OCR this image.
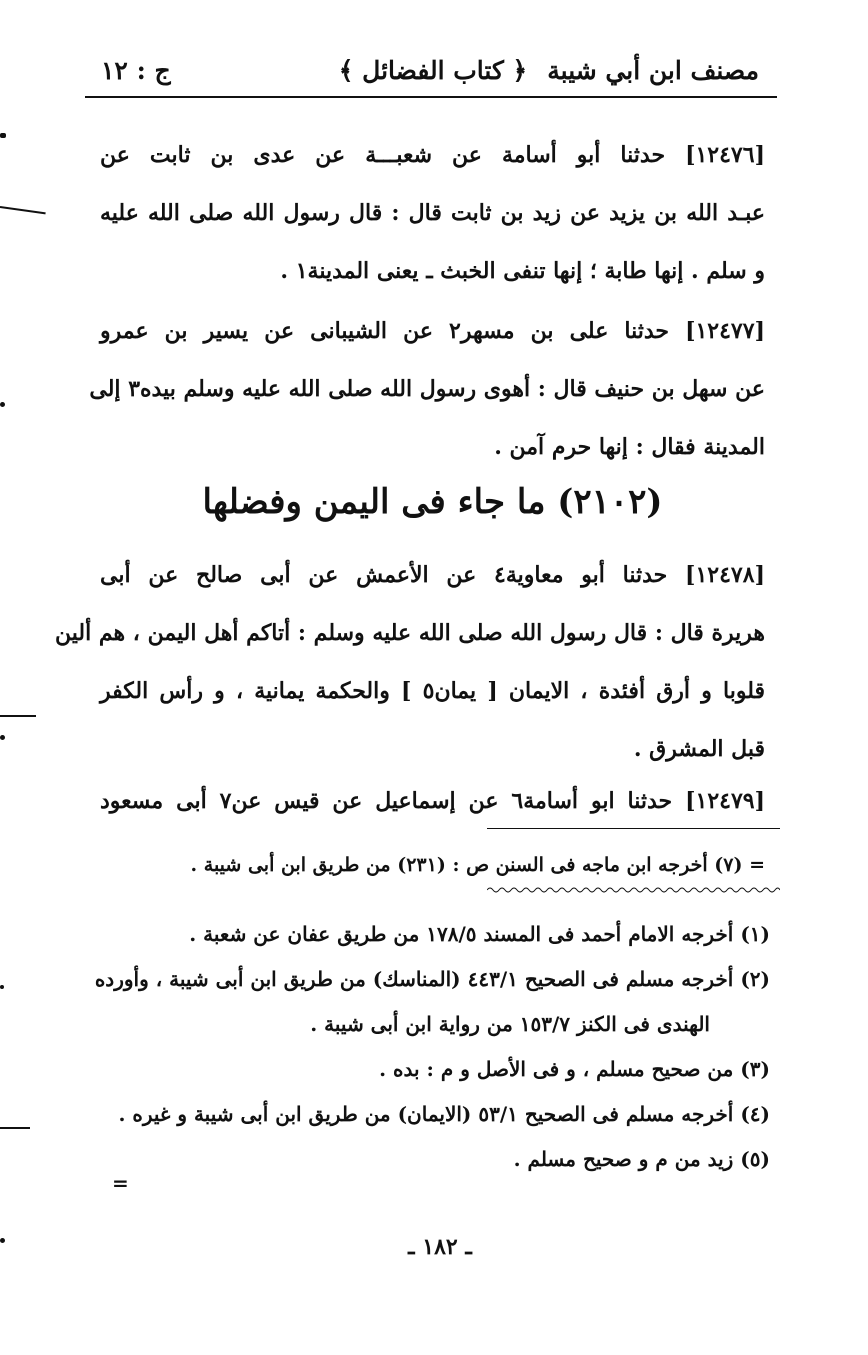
مصنف ابن أبي شيبة
﴿ كتاب الفضائل ﴾
ج : ١٢
[١٢٤٧٦] حدثنا أبو أسامة عن شعبـــة عن عدى بن ثابت عن
عبـد الله بن يزيد عن زيد بن ثابت قال : قال رسول الله صلى الله عليه
و سلم . إنها طابة ؛ إنها تنفى الخبث ـ يعنى المدينة١ .
[١٢٤٧٧] حدثنا على بن مسهر٢ عن الشيبانى عن يسير بن عمرو
عن سهل بن حنيف قال : أهوى رسول الله صلى الله عليه وسلم بيده٣ إلى
المدينة فقال : إنها حرم آمن .
(٢١٠٢) ما جاء فى اليمن وفضلها
[١٢٤٧٨] حدثنا أبو معاوية٤ عن الأعمش عن أبى صالح عن أبى
هريرة قال : قال رسول الله صلى الله عليه وسلم : أتاكم أهل اليمن ، هم ألين
قلوبا و أرق أفئدة ، الايمان [ يمان٥ ] والحكمة يمانية ، و رأس الكفر
قبل المشرق .
[١٢٤٧٩] حدثنا ابو أسامة٦ عن إسماعيل عن قيس عن٧ أبى مسعود
= (٧) أخرجه ابن ماجه فى السنن ص : (٢٣١) من طريق ابن أبى شيبة .
(١) أخرجه الامام أحمد فى المسند ١٧٨/٥ من طريق عفان عن شعبة .
(٢) أخرجه مسلم فى الصحيح ٤٤٣/١ (المناسك) من طريق ابن أبى شيبة ، وأورده
الهندى فى الكنز ١٥٣/٧ من رواية ابن أبى شيبة .
(٣) من صحيح مسلم ، و فى الأصل و م : بده .
(٤) أخرجه مسلم فى الصحيح ٥٣/١ (الايمان) من طريق ابن أبى شيبة و غيره .
(٥) زيد من م و صحيح مسلم .
=
ـ ١٨٢ ـ
